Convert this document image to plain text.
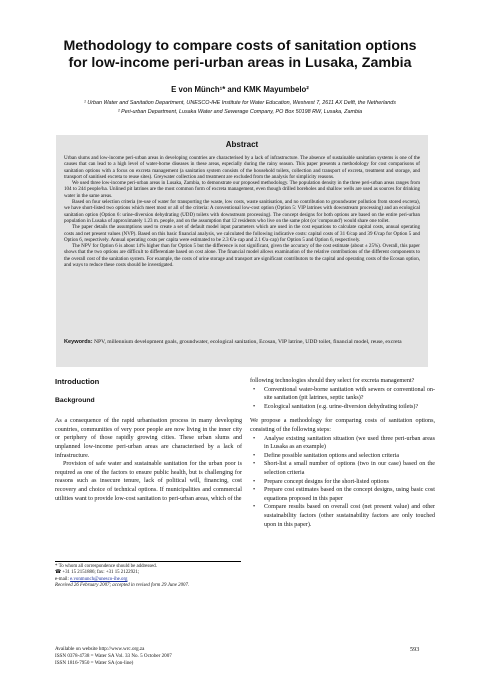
Methodology to compare costs of sanitation options
for low-income peri-urban areas in Lusaka, Zambia
E von Münch¹* and KMK Mayumbelo²
¹ Urban Water and Sanitation Department, UNESCO-IHE Institute for Water Education, Westvest 7, 2611 AX Delft, the Netherlands
² Peri-urban Department, Lusaka Water and Sewerage Company, PO Box 50198 RW, Lusaka, Zambia
Abstract

Urban slums and low-income peri-urban areas in developing countries are characterised by a lack of infrastructure. The absence of sustainable sanitation systems is one of the causes that can lead to a high level of water-borne diseases in these areas, especially during the rainy season. This paper presents a methodology for cost comparisons of sanitation options with a focus on excreta management (a sanitation system consists of the household toilets, collection and transport of excreta, treatment and storage, and transport of sanitised excreta to reuse sites). Greywater collection and treatment are excluded from the analysis for simplicity reasons.

We used three low-income peri-urban areas in Lusaka, Zambia, to demonstrate our proposed methodology. The population density in the three peri-urban areas ranges from 104 to 244 people/ha. Unlined pit latrines are the most common form of excreta management, even though drilled boreholes and shallow wells are used as sources for drinking water in the same areas.

Based on four selection criteria (re-use of water for transporting the waste, low costs, waste sanitisation, and no contribution to groundwater pollution from stored excreta), we have short-listed two options which meet most or all of the criteria: A conventional low-cost option (Option 5: VIP latrines with downstream processing) and an ecological sanitation option (Option 6: urine-diversion dehydrating (UDD) toilets with downstream processing). The concept designs for both options are based on the entire peri-urban population in Lusaka of approximately 1.23 m. people, and on the assumption that 12 residents who live on the same plot (or 'compound') would share one toilet.

The paper details the assumptions used to create a set of default model input parameters which are used in the cost equations to calculate capital costs, annual operating costs and net present values (NVP). Based on this basic financial analysis, we calculated the following indicative costs: capital costs of 31 €/cap and 39 €/cap for Option 5 and Option 6, respectively. Annual operating costs per capita were estimated to be 2.3 €/a·cap and 2.1 €/a·cap) for Option 5 and Option 6, respectively.

The NPV for Option 6 is about 14% higher than for Option 5 but the difference is not significant, given the accuracy of the cost estimate (about ± 25%). Overall, this paper shows that the two options are difficult to differentiate based on cost alone. The financial model allows examination of the relative contributions of the different components to the overall cost of the sanitation system. For example, the costs of urine storage and transport are significant contributors to the capital and operating costs of the Ecosan option, and ways to reduce these costs should be investigated.

Keywords: NPV, millennium development goals, groundwater, ecological sanitation, Ecosan, VIP latrine, UDD toilet, financial model, reuse, excreta
Introduction
Background

As a consequence of the rapid urbanisation process in many developing countries, communities of very poor people are now living in the inner city or periphery of those rapidly growing cities. These urban slums and unplanned low-income peri-urban areas are characterised by a lack of infrastructure.

Provision of safe water and sustainable sanitation for the urban poor is required as one of the factors to ensure public health, but is challenging for reasons such as insecure tenure, lack of political will, financing, cost recovery and choice of technical options. If municipalities and commercial utilities want to provide low-cost sanitation to peri-urban areas, which of the

following technologies should they select for excreta management?

• Conventional water-borne sanitation with sewers or conventional on-site sanitation (pit latrines, septic tanks)?
• Ecological sanitation (e.g. urine-diversion dehydrating toilets)?

We propose a methodology for comparing costs of sanitation options, consisting of the following steps:

• Analyse existing sanitation situation (we used three peri-urban areas in Lusaka as an example)
• Define possible sanitation options and selection criteria
• Short-list a small number of options (two in our case) based on the selection criteria
• Prepare concept designs for the short-listed options
• Prepare cost estimates based on the concept designs, using basic cost equations proposed in this paper
• Compare results based on overall cost (net present value) and other sustainability factors (other sustainability factors are only touched upon in this paper).
* To whom all correspondence should be addressed.
☎ +31 15 2151886; fax: +31 15 2122921;
e-mail: e.vonmunch@unesco-ihe.org
Received 26 February 2007; accepted in revised form 29 June 2007.
Available on website http://www.wrc.org.za
ISSN 0378-4738 = Water SA Vol. 33 No. 5 October 2007
ISSN 1816-7950 = Water SA (on-line)
593
